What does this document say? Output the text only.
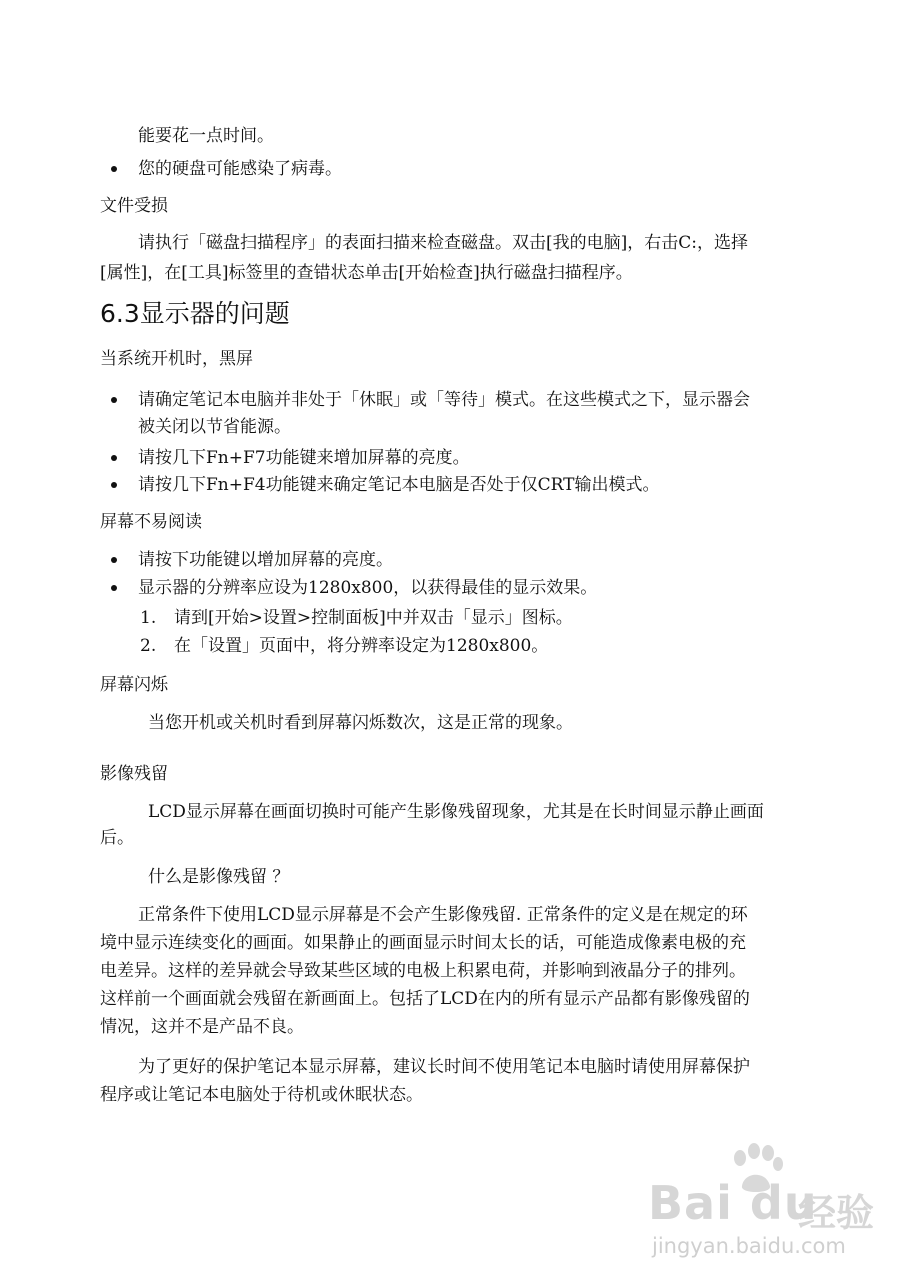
能要花一点时间。
您的硬盘可能感染了病毒。
文件受损
请执行「磁盘扫描程序」的表面扫描来检查磁盘。双击[我的电脑]，右击C:，选择
[属性]，在[工具]标签里的查错状态单击[开始检查]执行磁盘扫描程序。
6.3显示器的问题
当系统开机时，黑屏
请确定笔记本电脑并非处于「休眠」或「等待」模式。在这些模式之下，显示器会
被关闭以节省能源。
请按几下Fn+F7功能键来增加屏幕的亮度。
请按几下Fn+F4功能键来确定笔记本电脑是否处于仅CRT输出模式。
屏幕不易阅读
请按下功能键以增加屏幕的亮度。
显示器的分辨率应设为1280x800，以获得最佳的显示效果。
1. 请到[开始>设置>控制面板]中并双击「显示」图标。
2. 在「设置」页面中，将分辨率设定为1280x800。
屏幕闪烁
当您开机或关机时看到屏幕闪烁数次，这是正常的现象。
影像残留
LCD显示屏幕在画面切换时可能产生影像残留现象，尤其是在长时间显示静止画面
后。
什么是影像残留 ？
正常条件下使用LCD显示屏幕是不会产生影像残留. 正常条件的定义是在规定的环
境中显示连续变化的画面。如果静止的画面显示时间太长的话，可能造成像素电极的充
电差异。这样的差异就会导致某些区域的电极上积累电荷，并影响到液晶分子的排列。
这样前一个画面就会残留在新画面上。包括了LCD在内的所有显示产品都有影像残留的
情况，这并不是产品不良。
为了更好的保护笔记本显示屏幕，建议长时间不使用笔记本电脑时请使用屏幕保护
程序或让笔记本电脑处于待机或休眠状态。
Bai du
经验
jingyan.baidu.com
